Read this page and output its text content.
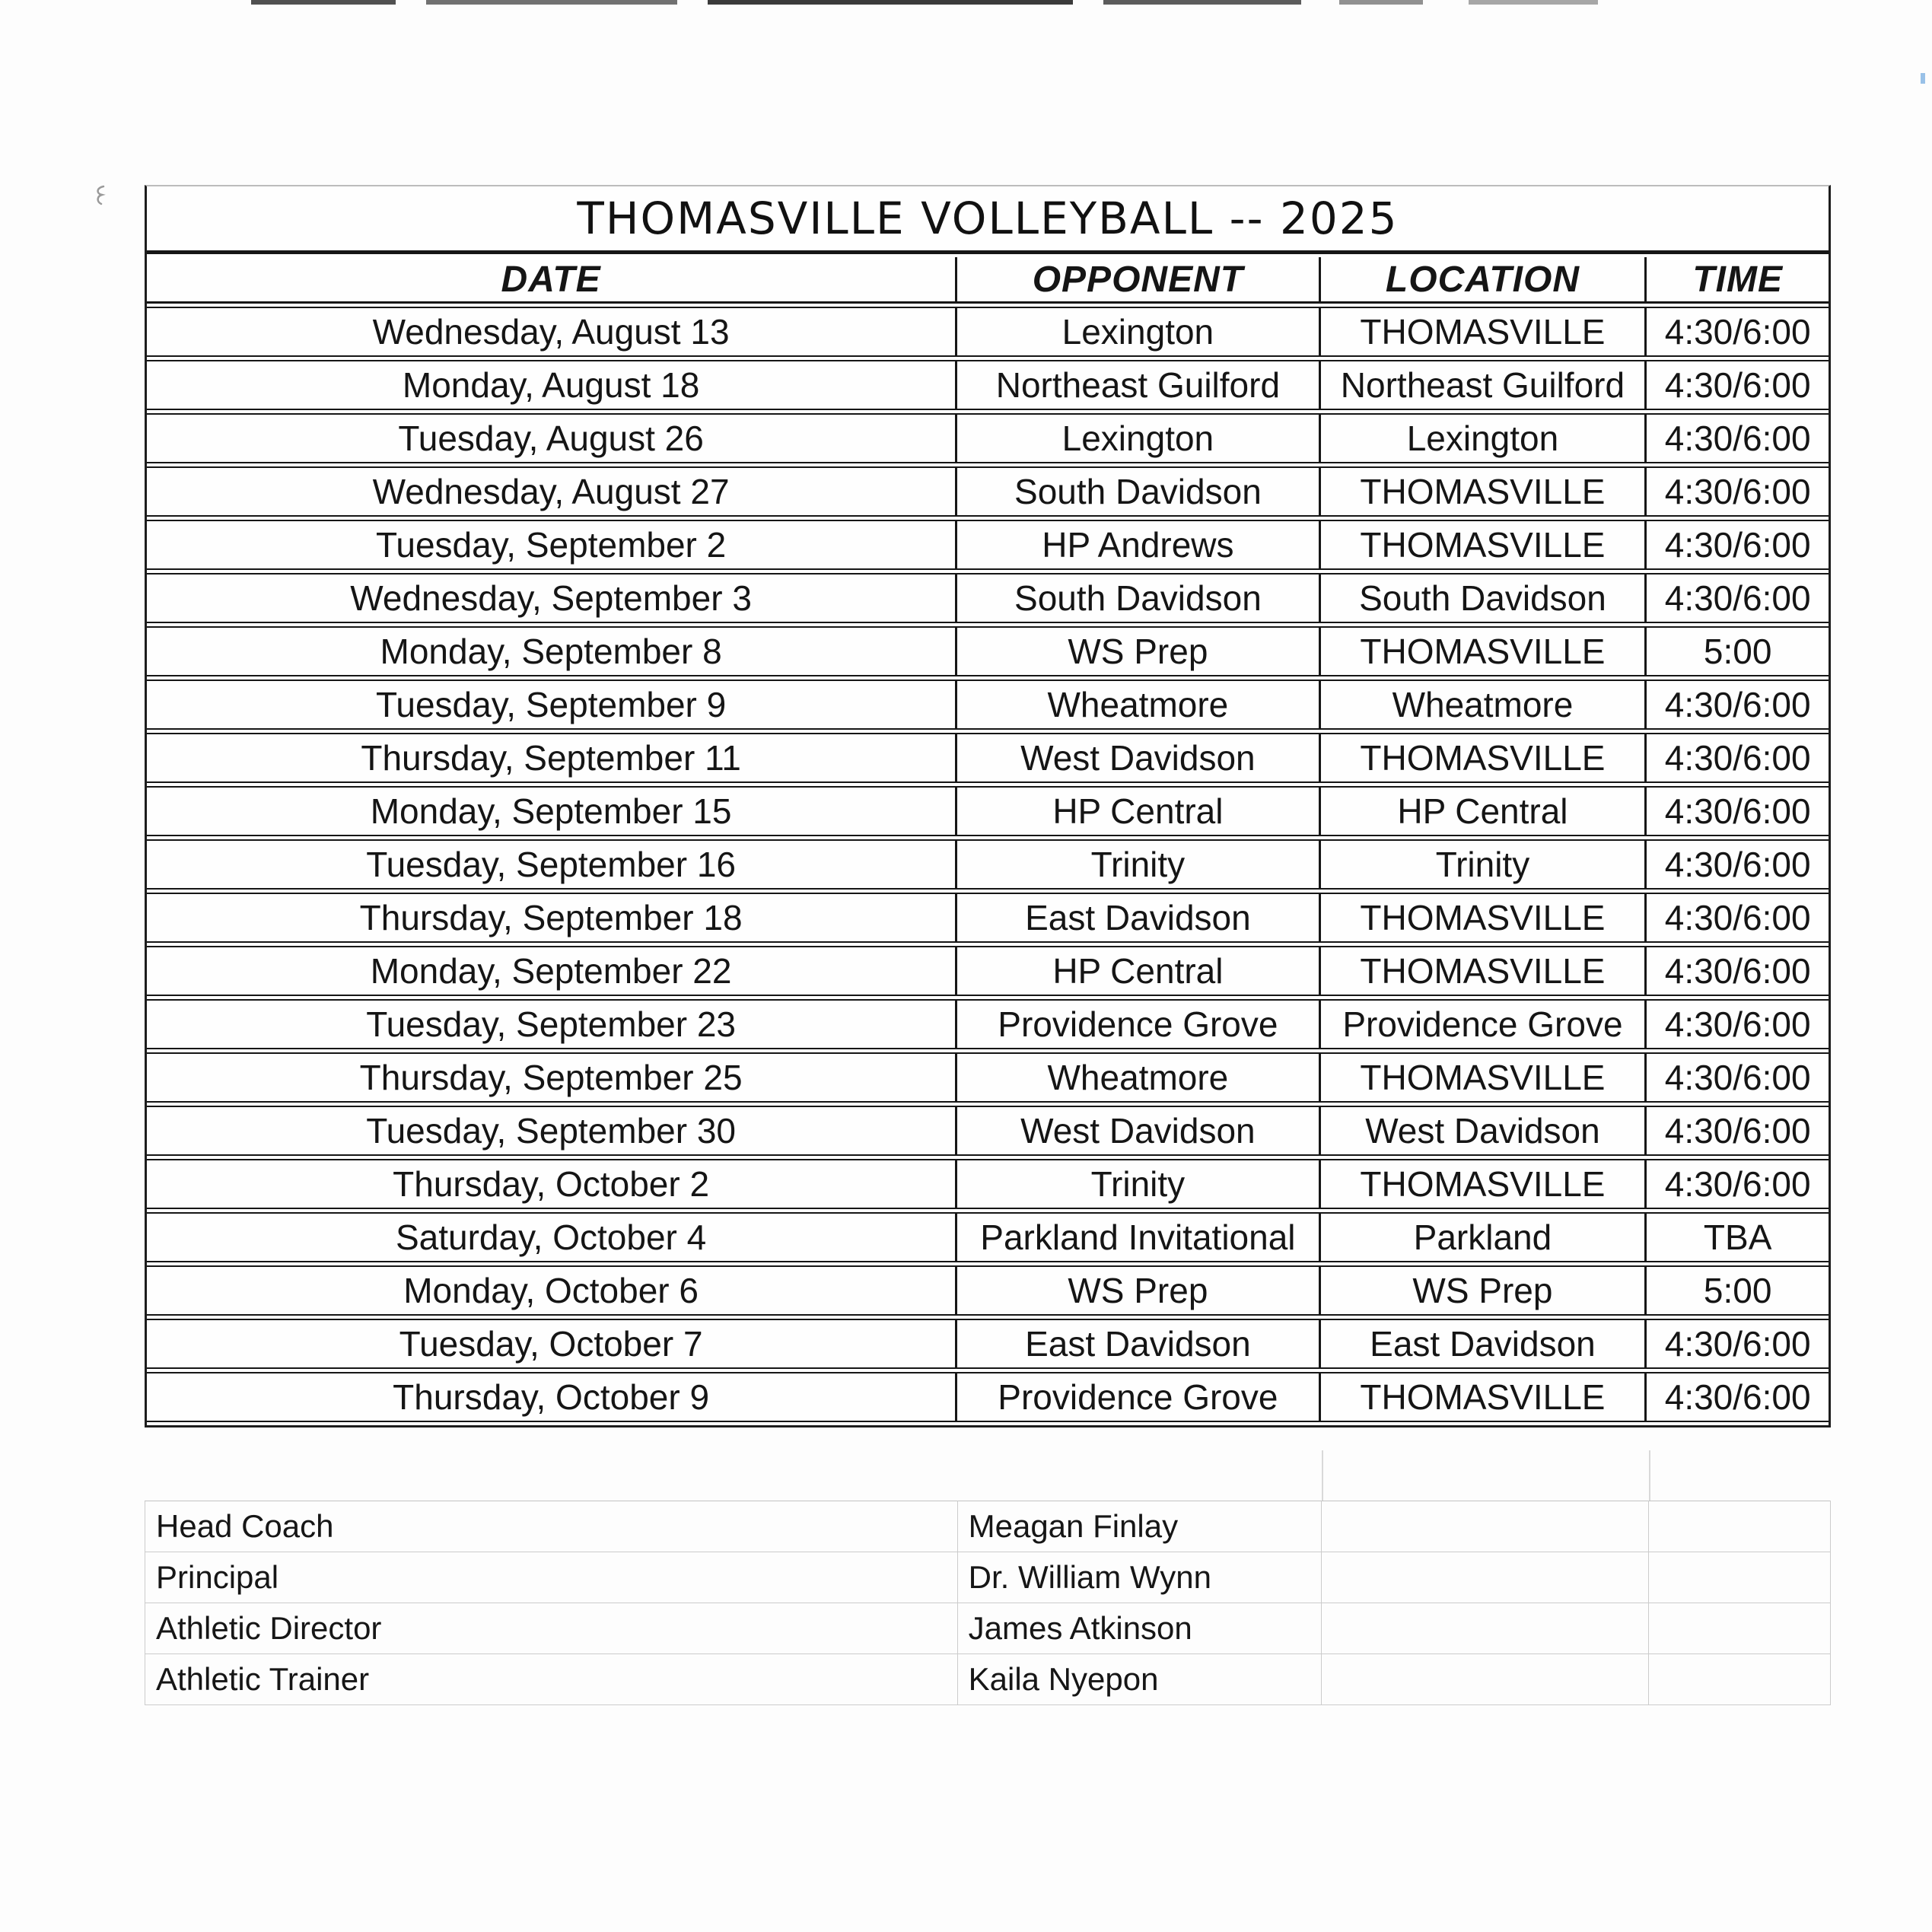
THOMASVILLE VOLLEYBALL -- 2025
DATE	OPPONENT	LOCATION	TIME
Wednesday, August 13	Lexington	THOMASVILLE	4:30/6:00
Monday, August 18	Northeast Guilford	Northeast Guilford	4:30/6:00
Tuesday, August 26	Lexington	Lexington	4:30/6:00
Wednesday, August 27	South Davidson	THOMASVILLE	4:30/6:00
Tuesday, September 2	HP Andrews	THOMASVILLE	4:30/6:00
Wednesday, September 3	South Davidson	South Davidson	4:30/6:00
Monday, September 8	WS Prep	THOMASVILLE	5:00
Tuesday, September 9	Wheatmore	Wheatmore	4:30/6:00
Thursday, September 11	West Davidson	THOMASVILLE	4:30/6:00
Monday, September 15	HP Central	HP Central	4:30/6:00
Tuesday, September 16	Trinity	Trinity	4:30/6:00
Thursday, September 18	East Davidson	THOMASVILLE	4:30/6:00
Monday, September 22	HP Central	THOMASVILLE	4:30/6:00
Tuesday, September 23	Providence Grove	Providence Grove	4:30/6:00
Thursday, September 25	Wheatmore	THOMASVILLE	4:30/6:00
Tuesday, September 30	West Davidson	West Davidson	4:30/6:00
Thursday, October 2	Trinity	THOMASVILLE	4:30/6:00
Saturday, October 4	Parkland Invitational	Parkland	TBA
Monday, October 6	WS Prep	WS Prep	5:00
Tuesday, October 7	East Davidson	East Davidson	4:30/6:00
Thursday, October 9	Providence Grove	THOMASVILLE	4:30/6:00
Head Coach	Meagan Finlay		
Principal	Dr. William Wynn		
Athletic Director	James Atkinson		
Athletic Trainer	Kaila Nyepon		
